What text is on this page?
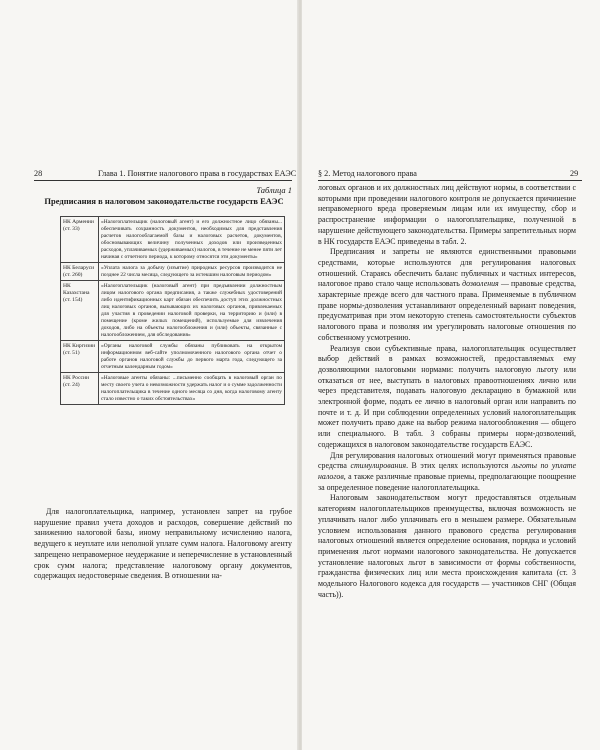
28	Глава 1. Понятие налогового права в государствах ЕАЭС
Таблица 1
Предписания в налоговом законодательстве государств ЕАЭС
НК Армении (ст. 33)	«Налогоплательщик (налоговый агент) и его должностное лицо обязаны... обеспечивать сохранность документов, необходимых для представления расчетов налогооблагаемой базы и налоговых расчетов, документов, обосновывающих величину полученных доходов или произведенных расходов, уплачиваемых (удерживаемых) налогов, в течение не менее пяти лет начиная с отчетного периода, к которому относятся эти документы»
НК Беларуси (ст. 260)	«Уплата налога за добычу (изъятие) природных ресурсов производится не позднее 22 числа месяца, следующего за истекшим налоговым периодом»
НК Казахстана (ст. 154)	«Налогоплательщик (налоговый агент) при предъявлении должностным лицом налогового органа предписания, а также служебных удостоверений либо идентификационных карт обязан обеспечить доступ этих должностных лиц налоговых органов, вызывающих их налоговых органов, привлекаемых для участия в проведении налоговой проверки, на территорию и (или) в помещение (кроме жилых помещений), используемые для извлечения доходов, либо на объекты налогообложения и (или) объекты, связанные с налогообложением, для обследования»
НК Киргизии (ст. 51)	«Органы налоговой службы обязаны публиковать на открытом информационном веб-сайте уполномоченного налогового органа отчет о работе органов налоговой службы до первого марта года, следующего за отчетным календарным годом»
НК России (ст. 24)	«Налоговые агенты обязаны: ...письменно сообщать в налоговый орган по месту своего учета о невозможности удержать налог и о сумме задолженности налогоплательщика в течение одного месяца со дня, когда налоговому агенту стало известно о таких обстоятельствах»

Для налогоплательщика, например, установлен запрет на грубое нарушение правил учета доходов и расходов, совершение действий по занижению налоговой базы, иному неправильному исчислению налога, ведущего к неуплате или неполной уплате сумм налога. Налоговому агенту запрещено неправомерное неудержание и неперечисление в установленный срок сумм налога; представление налоговому органу документов, содержащих недостоверные сведения. В отношении на-

§ 2. Метод налогового права	29

логовых органов и их должностных лиц действуют нормы, в соответствии с которыми при проведении налогового контроля не допускается причинение неправомерного вреда проверяемым лицам или их имуществу, сбор и распространение информации о налогоплательщике, полученной в нарушение действующего законодательства. Примеры запретительных норм в НК государств ЕАЭС приведены в табл. 2.

Предписания и запреты не являются единственными правовыми средствами, которые используются для регулирования налоговых отношений. Стараясь обеспечить баланс публичных и частных интересов, налоговое право стало чаще использовать дозволения — правовые средства, характерные прежде всего для частного права. Применяемые в публичном праве нормы-дозволения устанавливают определенный вариант поведения, предусматривая при этом некоторую степень самостоятельности субъектов налогового права и позволяя им урегулировать налоговые отношения по собственному усмотрению.

Реализуя свои субъективные права, налогоплательщик осуществляет выбор действий в рамках возможностей, предоставляемых ему дозволяющими налоговыми нормами: получить налоговую льготу или отказаться от нее, выступать в налоговых правоотношениях лично или через представителя, подавать налоговую декларацию в бумажной или электронной форме, подать ее лично в налоговый орган или направить по почте и т. д. И при соблюдении определенных условий налогоплательщик может получить право даже на выбор режима налогообложения — общего или специального. В табл. 3 собраны примеры норм-дозволений, содержащихся в налоговом законодательстве государств ЕАЭС.

Для регулирования налоговых отношений могут применяться правовые средства стимулирования. В этих целях используются льготы по уплате налогов, а также различные правовые приемы, предполагающие поощрение за определенное поведение налогоплательщика.

Налоговым законодательством могут предоставляться отдельным категориям налогоплательщиков преимущества, включая возможность не уплачивать налог либо уплачивать его в меньшем размере. Обязательным условием использования данного правового средства регулирования налоговых отношений является определение основания, порядка и условий применения льгот нормами налогового законодательства. Не допускается установление налоговых льгот в зависимости от формы собственности, гражданства физических лиц или места происхождения капитала (ст. 3 модельного Налогового кодекса для государств — участников СНГ (Общая часть)).
